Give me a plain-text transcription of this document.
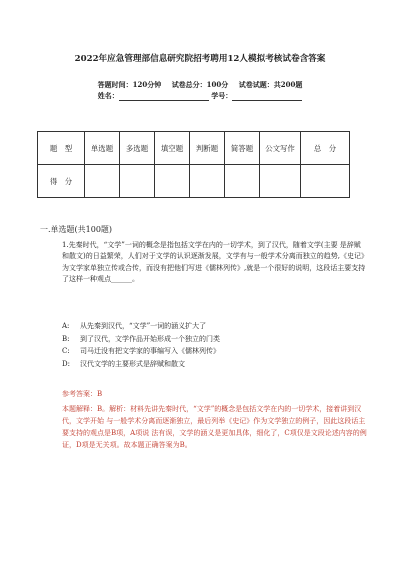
2022年应急管理部信息研究院招考聘用12人模拟考核试卷含答案
答题时间：120分钟 试卷总分：100分 试卷试题：共200题
姓名：	学号：
题　型	单选题	多选题	填空题	判断题	简答题	公文写作	总　分
得　分							
一.单选题(共100题)
1.先秦时代，“文学”一词的概念是指包括文学在内的一切学术，到了汉代，随着文学(主要 是辞赋和散文)的日益繁荣，人们对于文学的认识逐渐发展，文学有与一般学术分离而独立的趋势,《史记》为文学家单独立传或合传，而没有把他们写进《儒林列传》,就是一个很好的说明，这段话主要支持了这样一种观点______。
A: 从先秦到汉代，“文学”一词的涵义扩大了
B: 到了汉代，文学作品开始形成一个独立的门类
C: 司马迁没有把文学家的事编写入《儒林列传》
D: 汉代文学的主要形式是辞赋和散文
参考答案：B
本题解释：B。解析：材料先讲先秦时代，“文学”的概念是包括文学在内的一切学术，接着讲到汉代，文学开始 与一般学术分离而逐渐独立，最后列举《史记》作为文学独立的例子，因此这段话主要支持的观点是B项，A项说 法有误，文学的涵义是更加具体，细化了，C项仅是文段论述内容的例证，D项是无关项。故本题正确答案为B。
